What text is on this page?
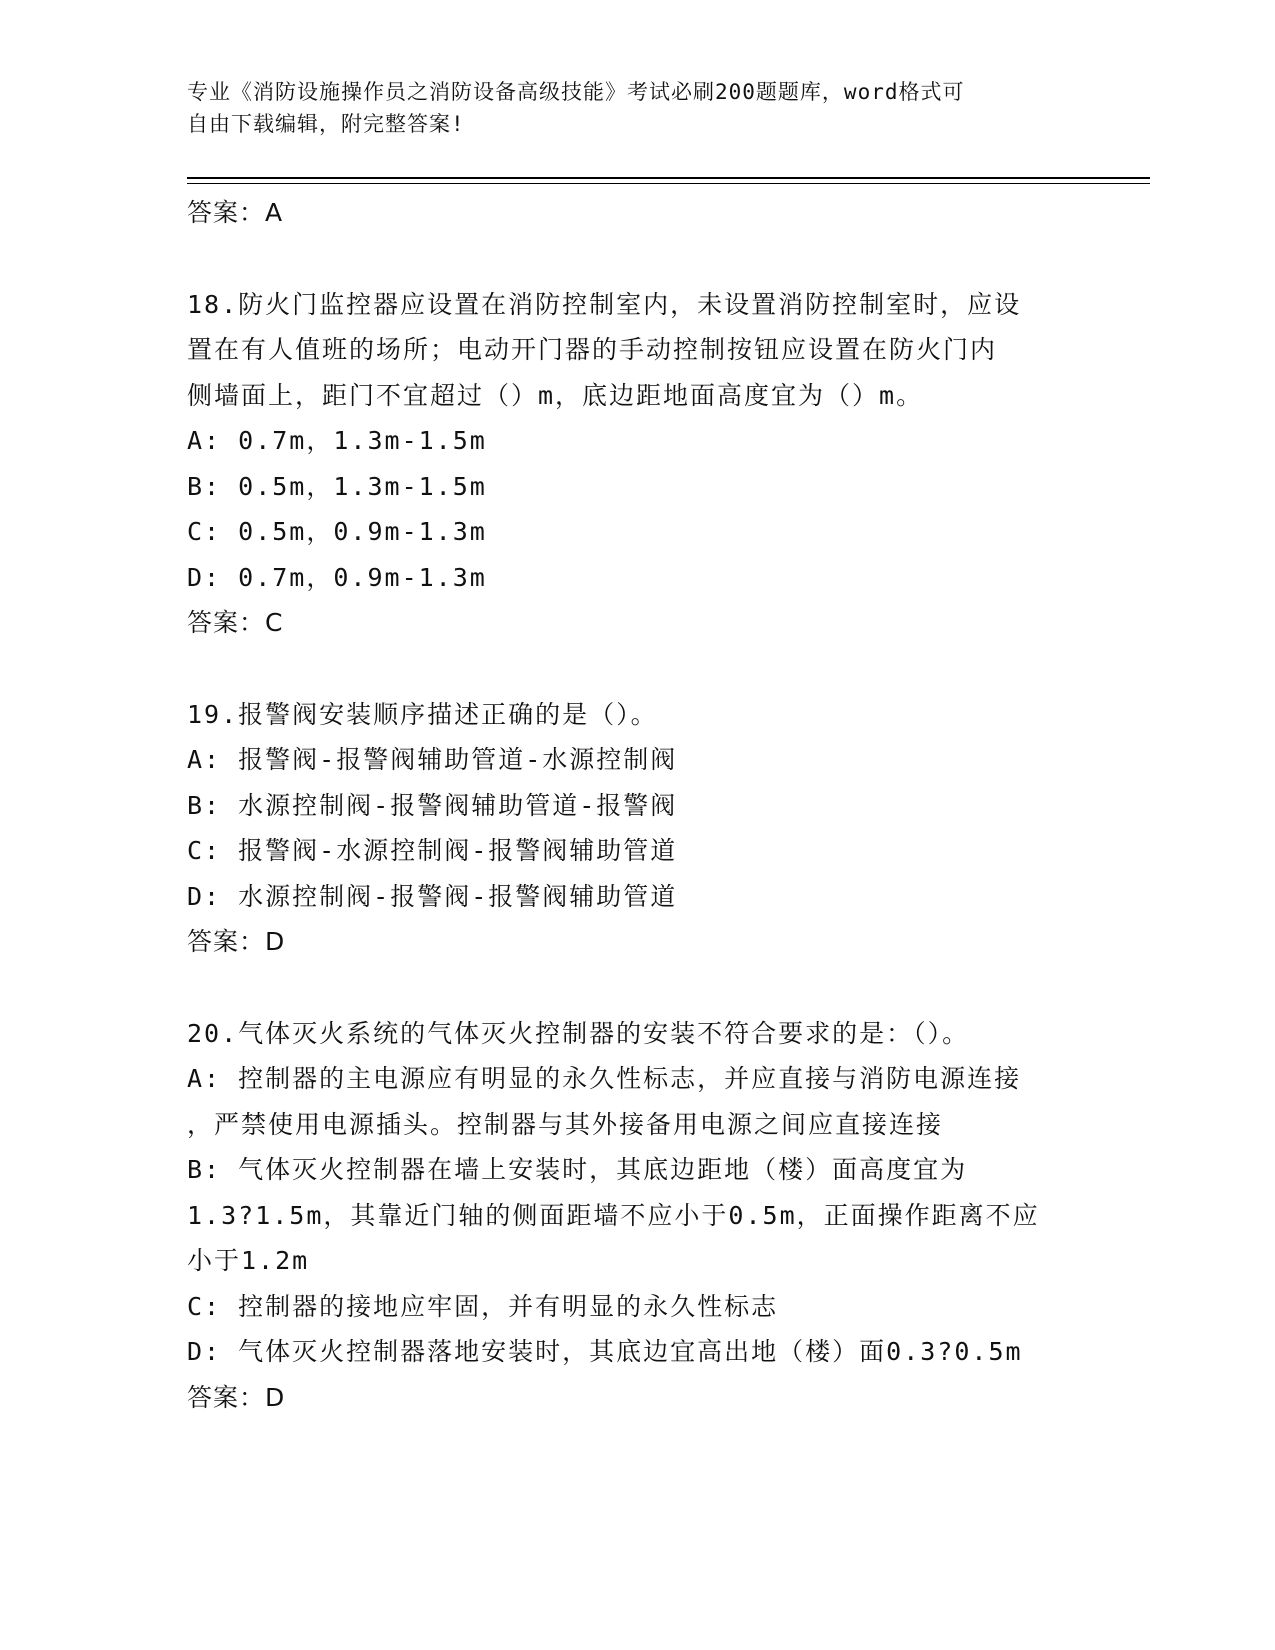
专业《消防设施操作员之消防设备高级技能》考试必刷200题题库，word格式可
自由下载编辑，附完整答案!
答案：A
18.防火门监控器应设置在消防控制室内，未设置消防控制室时，应设
置在有人值班的场所；电动开门器的手动控制按钮应设置在防火门内
侧墙面上，距门不宜超过（）m，底边距地面高度宜为（）m。
A: 0.7m，1.3m-1.5m
B: 0.5m，1.3m-1.5m
C: 0.5m，0.9m-1.3m
D: 0.7m，0.9m-1.3m
答案：C
19.报警阀安装顺序描述正确的是（）。
A: 报警阀-报警阀辅助管道-水源控制阀
B: 水源控制阀-报警阀辅助管道-报警阀
C: 报警阀-水源控制阀-报警阀辅助管道
D: 水源控制阀-报警阀-报警阀辅助管道
答案：D
20.气体灭火系统的气体灭火控制器的安装不符合要求的是：（）。
A: 控制器的主电源应有明显的永久性标志，并应直接与消防电源连接
，严禁使用电源插头。控制器与其外接备用电源之间应直接连接
B: 气体灭火控制器在墙上安装时，其底边距地（楼）面高度宜为
1.3?1.5m，其靠近门轴的侧面距墙不应小于0.5m，正面操作距离不应
小于1.2m
C: 控制器的接地应牢固，并有明显的永久性标志
D: 气体灭火控制器落地安装时，其底边宜高出地（楼）面0.3?0.5m
答案：D
